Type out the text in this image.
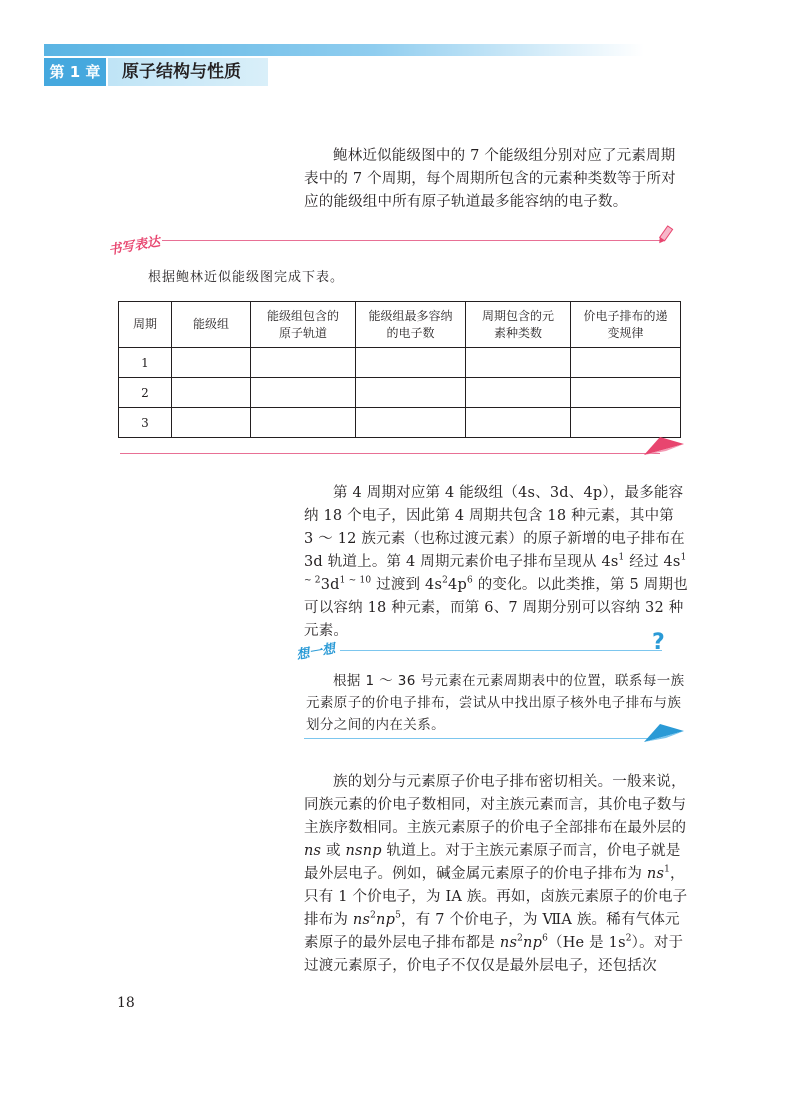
第 1 章	原子结构与性质

鲍林近似能级图中的 7 个能级组分别对应了元素周期表中的 7 个周期，每个周期所包含的元素种类数等于所对应的能级组中所有原子轨道最多能容纳的电子数。

书写表达
根据鲍林近似能级图完成下表。
周期	能级组	能级组包含的原子轨道	能级组最多容纳的电子数	周期包含的元素种类数	价电子排布的递变规律

1					
2					
3					

第 4 周期对应第 4 能级组（4s、3d、4p），最多能容纳 18 个电子，因此第 4 周期共包含 18 种元素，其中第 3 ～ 12 族元素（也称过渡元素）的原子新增的电子排布在 3d 轨道上。第 4 周期元素价电子排布呈现从 $4s^1$ 经过 $4s^{1 \sim 2}3d^{1 \sim 10}$ 过渡到 $4s^24p^6$ 的变化。以此类推，第 5 周期也可以容纳 18 种元素，而第 6、7 周期分别可以容纳 32 种元素。

想一想	?

根据 1 ～ 36 号元素在元素周期表中的位置，联系每一族元素原子的价电子排布，尝试从中找出原子核外电子排布与族划分之间的内在关系。

族的划分与元素原子价电子排布密切相关。一般来说，同族元素的价电子数相同，对主族元素而言，其价电子数与主族序数相同。主族元素原子的价电子全部排布在最外层的 ns 或 nsnp 轨道上。对于主族元素原子而言，价电子就是最外层电子。例如，碱金属元素原子的价电子排布为 $ns^1$，只有 1 个价电子，为 ⅠA 族。再如，卤族元素原子的价电子排布为 $ns^2np^5$，有 7 个价电子，为 ⅦA 族。稀有气体元素原子的最外层电子排布都是 $ns^2np^6(He$ 是 $1s^2$）。对于过渡元素原子，价电子不仅仅是最外层电子，还包括次

18
